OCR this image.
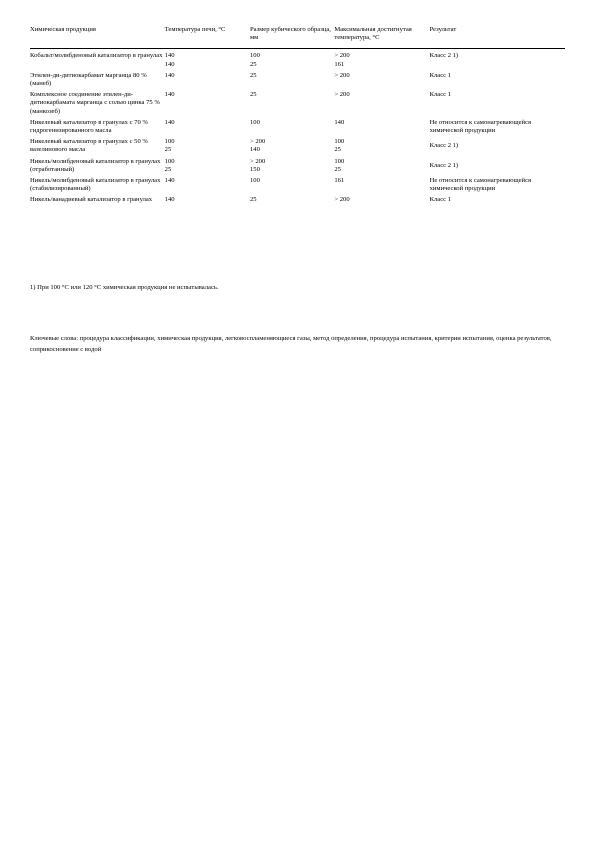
Химическая продукция	Температура печи, °С	Размер кубического образца, мм	Максимальная достигнутая температура, °С	Результат
Кобальт/молибденовый катализатор в гранулах	140	100	> 200	Класс 2 1)
	140	25	161	
Этилен-ди-дитиокарбамат марганца 80 % (манеб)	140	25	> 200	Класс 1
Комплексное соединение этилен-ди-дитиокарбамата марганца с солью цинка 75 % (манкозеб)	140	25	> 200	Класс 1
Никелевый катализатор в гранулах с 70 % гидрогенизированного масла	140	100	140	Не относится к самонагревающейся химической продукции
Никелевый катализатор в гранулах с 50 % вазелинового масла	100	> 200	100	Класс 2 1)
	25	140	25	
Никель/молибденовый катализатор в гранулах (отработанный)	100	> 200	100	Класс 2 1)
	25	150	25	
Никель/молибденовый катализатор в гранулах (стабилизированный)	140	100	161	Не относится к самонагревающейся химической продукции
Никель/ванадиевый катализатор в гранулах	140	25	> 200	Класс 1
1) При 100 °С или 120 °С химическая продукция не испытывалась.
Ключевые слова: процедура классификации, химическая продукция, легковоспламеняющиеся газы, метод определения, процедура испытания, критерии испытания, оценка результатов, соприкосновение с водой
